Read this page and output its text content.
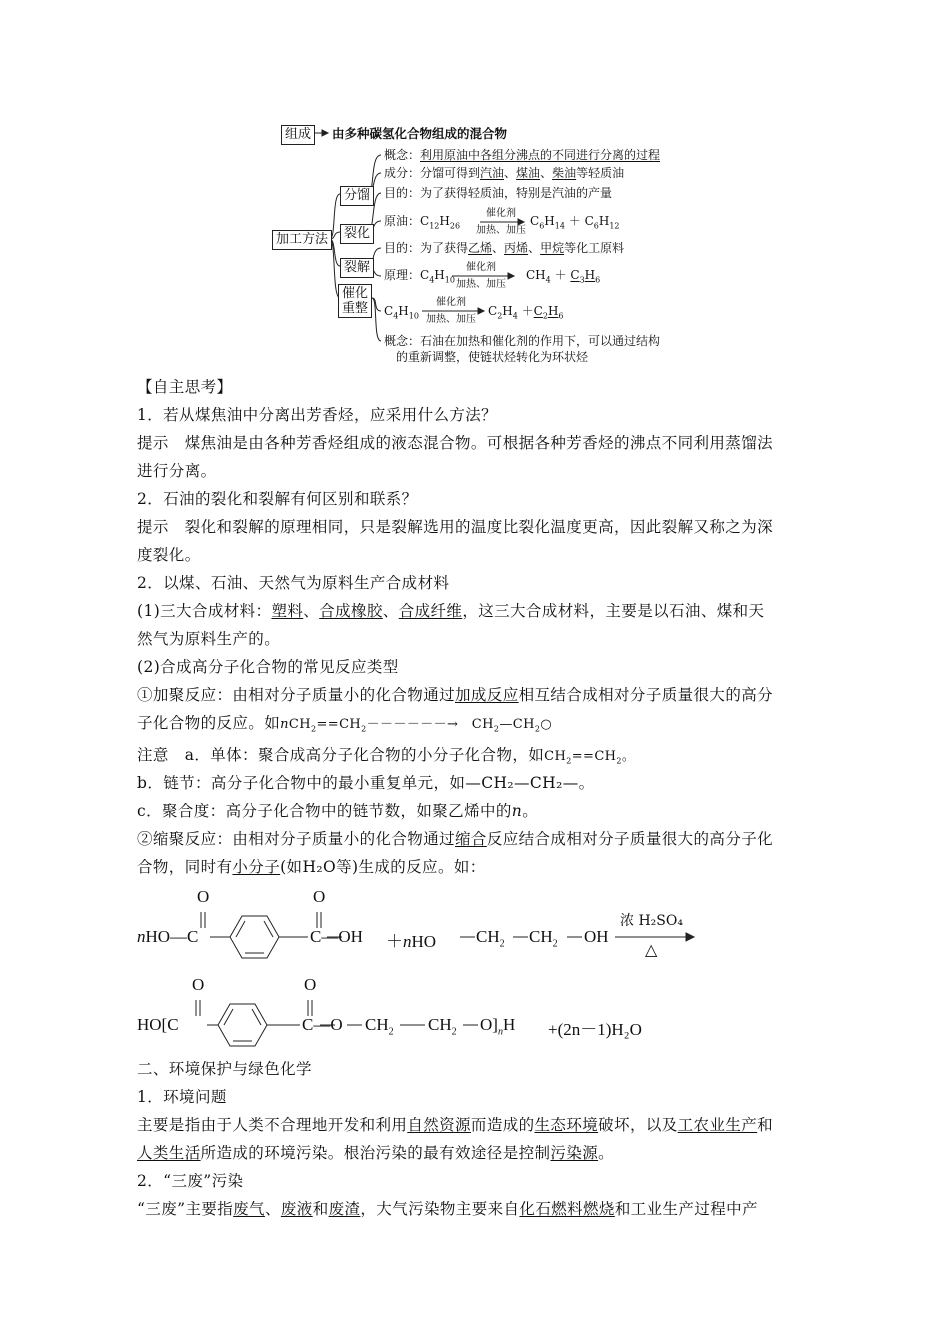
组成	由多种碳氢化合物组成的混合物
加工方法
分馏
概念：利用原油中各组分沸点的不同进行分离的过程
成分：分馏可得到汽油、煤油、柴油等轻质油
裂化
目的：为了获得轻质油，特别是汽油的产量
原油：$C_{12}H_{26}$
催化剂
加热、加压
$C_6H_{14} + C_6H_{12}$
裂解
目的：为了获得乙烯、丙烯、甲烷等化工原料
原理：$C_4H_{10}$
催化剂
加热、加压
$CH_4 + C_3H_6$
催化
重整	$C_4H_{10}$
催化剂
加热、加压
$C_2H_4 +C_2H_6$
概念：石油在加热和催化剂的作用下，可以通过结构
的重新调整，使链状烃转化为环状烃
【自主思考】
1．若从煤焦油中分离出芳香烃，应采用什么方法？
提示　煤焦油是由各种芳香烃组成的液态混合物。可根据各种芳香烃的沸点不同利用蒸馏法
进行分离。
2．石油的裂化和裂解有何区别和联系？
提示　裂化和裂解的原理相同，只是裂解选用的温度比裂化温度更高，因此裂解又称之为深
度裂化。
2．以煤、石油、天然气为原料生产合成材料
(1)三大合成材料：塑料、合成橡胶、合成纤维，这三大合成材料，主要是以石油、煤和天
然气为原料生产的。
(2)合成高分子化合物的常见反应类型
①加聚反应：由相对分子质量小的化合物通过加成反应相互结合成相对分子质量很大的高分
子化合物的反应。如$nCH_2==CH_2------\to$　$CH_2—CH_2○$
注意　a．单体：聚合成高分子化合物的小分子化合物，如$CH_2==CH_2$。
b．链节：高分子化合物中的最小重复单元，如—CH₂—CH₂—。
c．聚合度：高分子化合物中的链节数，如聚乙烯中的n。
②缩聚反应：由相对分子质量小的化合物通过缩合反应结合成相对分子质量很大的高分子化
合物，同时有小分子(如H₂O等)生成的反应。如：
O	O
nHO—C	C—OH ＋nHO $CH_2$ $CH_2$ OH
浓 H₂SO₄
△
O	O
HO[C	C—O $CH_2$ $CH_2$ $O]_nH +(2n-1)H_2O$
二、环境保护与绿色化学
1．环境问题
主要是指由于人类不合理地开发和利用自然资源而造成的生态环境破坏，以及工农业生产和
人类生活所造成的环境污染。根治污染的最有效途径是控制污染源。
2．“三废”污染
“三废”主要指废气、废液和废渣，大气污染物主要来自化石燃料燃烧和工业生产过程中产
